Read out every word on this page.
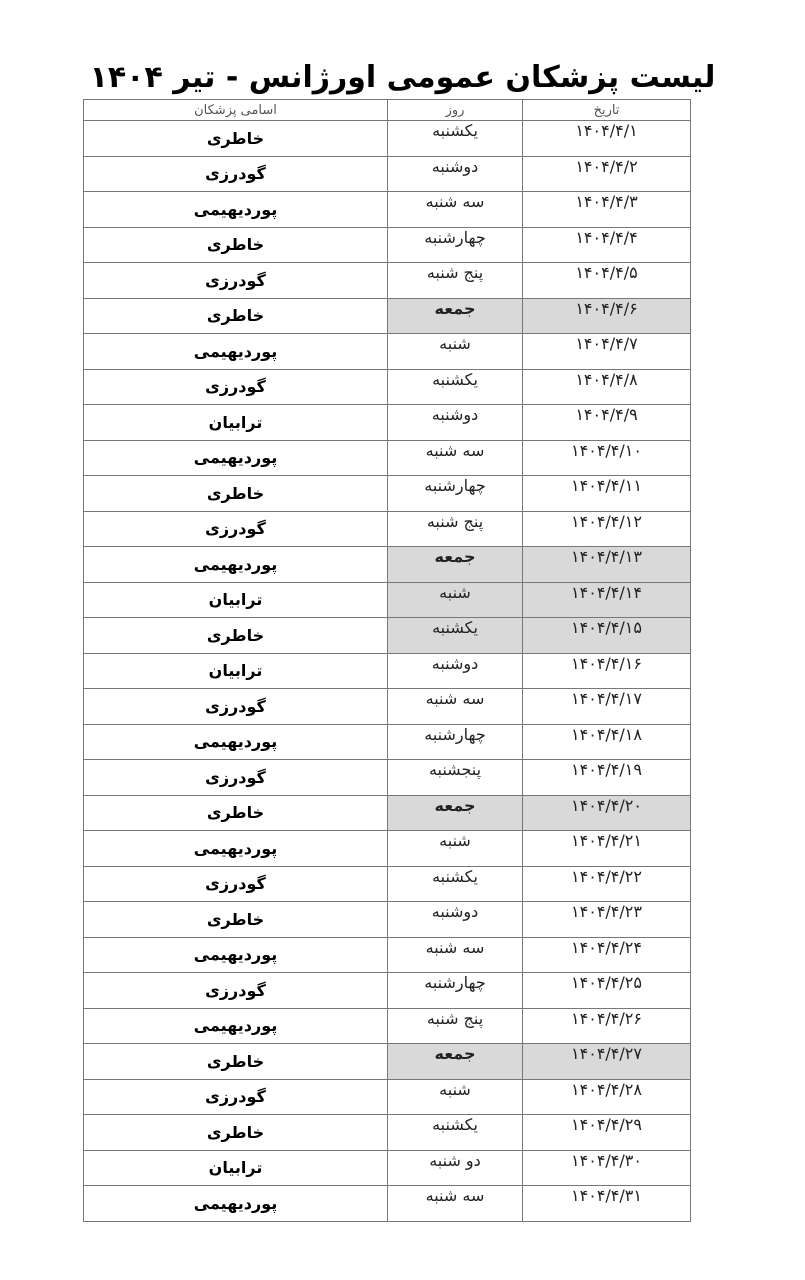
لیست پزشکان عمومی اورژانس - تیر ۱۴۰۴
اسامی پزشکان	روز	تاریخ
خاطری	یکشنبه	۱۴۰۴/۴/۱
گودرزی	دوشنبه	۱۴۰۴/۴/۲
پوردیهیمی	سه شنبه	۱۴۰۴/۴/۳
خاطری	چهارشنبه	۱۴۰۴/۴/۴
گودرزی	پنج شنبه	۱۴۰۴/۴/۵
خاطری	جمعه	۱۴۰۴/۴/۶
پوردیهیمی	شنبه	۱۴۰۴/۴/۷
گودرزی	یکشنبه	۱۴۰۴/۴/۸
ترابیان	دوشنبه	۱۴۰۴/۴/۹
پوردیهیمی	سه شنبه	۱۴۰۴/۴/۱۰
خاطری	چهارشنبه	۱۴۰۴/۴/۱۱
گودرزی	پنج شنبه	۱۴۰۴/۴/۱۲
پوردیهیمی	جمعه	۱۴۰۴/۴/۱۳
ترابیان	شنبه	۱۴۰۴/۴/۱۴
خاطری	یکشنبه	۱۴۰۴/۴/۱۵
ترابیان	دوشنبه	۱۴۰۴/۴/۱۶
گودرزی	سه شنبه	۱۴۰۴/۴/۱۷
پوردیهیمی	چهارشنبه	۱۴۰۴/۴/۱۸
گودرزی	پنجشنبه	۱۴۰۴/۴/۱۹
خاطری	جمعه	۱۴۰۴/۴/۲۰
پوردیهیمی	شنبه	۱۴۰۴/۴/۲۱
گودرزی	یکشنبه	۱۴۰۴/۴/۲۲
خاطری	دوشنبه	۱۴۰۴/۴/۲۳
پوردیهیمی	سه شنبه	۱۴۰۴/۴/۲۴
گودرزی	چهارشنبه	۱۴۰۴/۴/۲۵
پوردیهیمی	پنج شنبه	۱۴۰۴/۴/۲۶
خاطری	جمعه	۱۴۰۴/۴/۲۷
گودرزی	شنبه	۱۴۰۴/۴/۲۸
خاطری	یکشنبه	۱۴۰۴/۴/۲۹
ترابیان	دو شنبه	۱۴۰۴/۴/۳۰
پوردیهیمی	سه شنبه	۱۴۰۴/۴/۳۱
